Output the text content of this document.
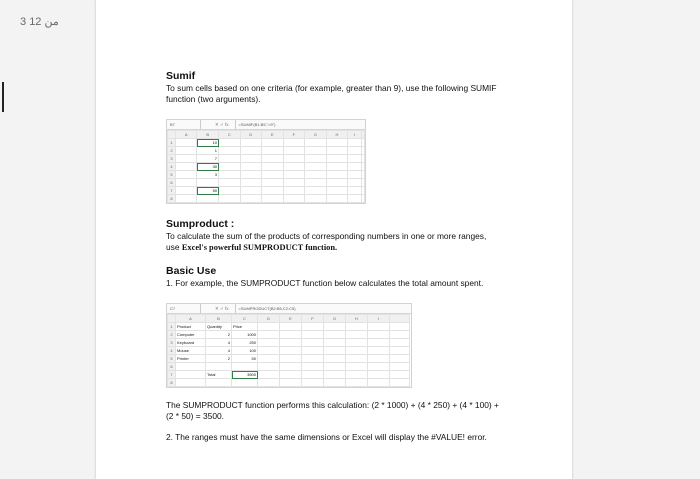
3 من 12
Sumif

To sum cells based on one criteria (for example, greater than 9), use the following SUMIF function (two arguments).

B7	✕ ✓ fx	=SUMIF(B1:B5,">9")
	A	B	C	D	E	F	G	H	I	
1		10								
2		1								
3		7								
4		30								
5		3								
6										
7		50								
8										
Sumproduct :

To calculate the sum of the products of corresponding numbers in one or more ranges, use Excel's powerful SUMPRODUCT function.

Basic Use

1. For example, the SUMPRODUCT function below calculates the total amount spent.

C7	✕ ✓ fx	=SUMPRODUCT(B2:B5,C2:C5)
	A	B	C	D	E	F	G	H	I	
1	Product	Quantity	Price							
2	Computer	2	1000							
3	Keyboard	4	250							
4	Mouse	4	100							
5	Printer	2	50							
6										
7		Total	3500							
8										

The SUMPRODUCT function performs this calculation: (2 * 1000) + (4 * 250) + (4 * 100) + (2 * 50) = 3500.

2. The ranges must have the same dimensions or Excel will display the #VALUE! error.
